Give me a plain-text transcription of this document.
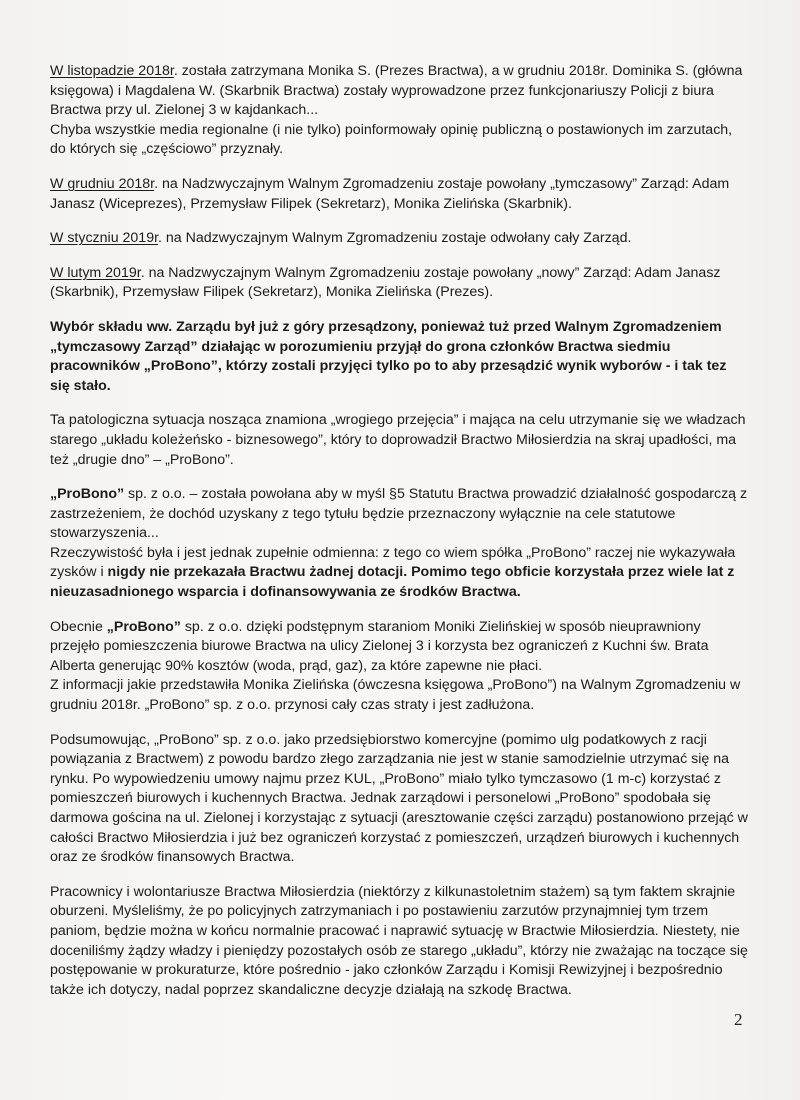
W listopadzie 2018r. została zatrzymana Monika S. (Prezes Bractwa), a w grudniu 2018r. Dominika S. (główna księgowa) i Magdalena W. (Skarbnik Bractwa) zostały wyprowadzone przez funkcjonariuszy Policji z biura Bractwa przy ul. Zielonej 3 w kajdankach...

Chyba wszystkie media regionalne (i nie tylko) poinformowały opinię publiczną o postawionych im zarzutach, do których się „częściowo” przyznały.

W grudniu 2018r. na Nadzwyczajnym Walnym Zgromadzeniu zostaje powołany „tymczasowy” Zarząd: Adam Janasz (Wiceprezes), Przemysław Filipek (Sekretarz), Monika Zielińska (Skarbnik).

W styczniu 2019r. na Nadzwyczajnym Walnym Zgromadzeniu zostaje odwołany cały Zarząd.

W lutym 2019r. na Nadzwyczajnym Walnym Zgromadzeniu zostaje powołany „nowy” Zarząd: Adam Janasz (Skarbnik), Przemysław Filipek (Sekretarz), Monika Zielińska (Prezes).

Wybór składu ww. Zarządu był już z góry przesądzony, ponieważ tuż przed Walnym Zgromadzeniem „tymczasowy Zarząd” działając w porozumieniu przyjął do grona członków Bractwa siedmiu pracowników „ProBono”, którzy zostali przyjęci tylko po to aby przesądzić wynik wyborów - i tak tez się stało.

Ta patologiczna sytuacja nosząca znamiona „wrogiego przejęcia” i mająca na celu utrzymanie się we władzach starego „układu koleżeńsko - biznesowego”, który to doprowadził Bractwo Miłosierdzia na skraj upadłości, ma też „drugie dno” – „ProBono”.

„ProBono” sp. z o.o. – została powołana aby w myśl §5 Statutu Bractwa prowadzić działalność gospodarczą z zastrzeżeniem, że dochód uzyskany z tego tytułu będzie przeznaczony wyłącznie na cele statutowe stowarzyszenia...

Rzeczywistość była i jest jednak zupełnie odmienna: z tego co wiem spółka „ProBono” raczej nie wykazywała zysków i nigdy nie przekazała Bractwu żadnej dotacji. Pomimo tego obficie korzystała przez wiele lat z nieuzasadnionego wsparcia i dofinansowywania ze środków Bractwa.

Obecnie „ProBono” sp. z o.o. dzięki podstępnym staraniom Moniki Zielińskiej w sposób nieuprawniony przejęło pomieszczenia biurowe Bractwa na ulicy Zielonej 3 i korzysta bez ograniczeń z Kuchni św. Brata Alberta generując 90% kosztów (woda, prąd, gaz), za które zapewne nie płaci.

Z informacji jakie przedstawiła Monika Zielińska (ówczesna księgowa „ProBono”) na Walnym Zgromadzeniu w grudniu 2018r. „ProBono” sp. z o.o. przynosi cały czas straty i jest zadłużona.

Podsumowując, „ProBono” sp. z o.o. jako przedsiębiorstwo komercyjne (pomimo ulg podatkowych z racji powiązania z Bractwem) z powodu bardzo złego zarządzania nie jest w stanie samodzielnie utrzymać się na rynku. Po wypowiedzeniu umowy najmu przez KUL, „ProBono” miało tylko tymczasowo (1 m-c) korzystać z pomieszczeń biurowych i kuchennych Bractwa. Jednak zarządowi i personelowi „ProBono” spodobała się darmowa gościna na ul. Zielonej i korzystając z sytuacji (aresztowanie części zarządu) postanowiono przejąć w całości Bractwo Miłosierdzia i już bez ograniczeń korzystać z pomieszczeń, urządzeń biurowych i kuchennych oraz ze środków finansowych Bractwa.

Pracownicy i wolontariusze Bractwa Miłosierdzia (niektórzy z kilkunastoletnim stażem) są tym faktem skrajnie oburzeni. Myśleliśmy, że po policyjnych zatrzymaniach i po postawieniu zarzutów przynajmniej tym trzem paniom, będzie można w końcu normalnie pracować i naprawić sytuację w Bractwie Miłosierdzia. Niestety, nie doceniliśmy żądzy władzy i pieniędzy pozostałych osób ze starego „układu”, którzy nie zważając na toczące się postępowanie w prokuraturze, które pośrednio - jako członków Zarządu i Komisji Rewizyjnej i bezpośrednio także ich dotyczy, nadal poprzez skandaliczne decyzje działają na szkodę Bractwa.

2
